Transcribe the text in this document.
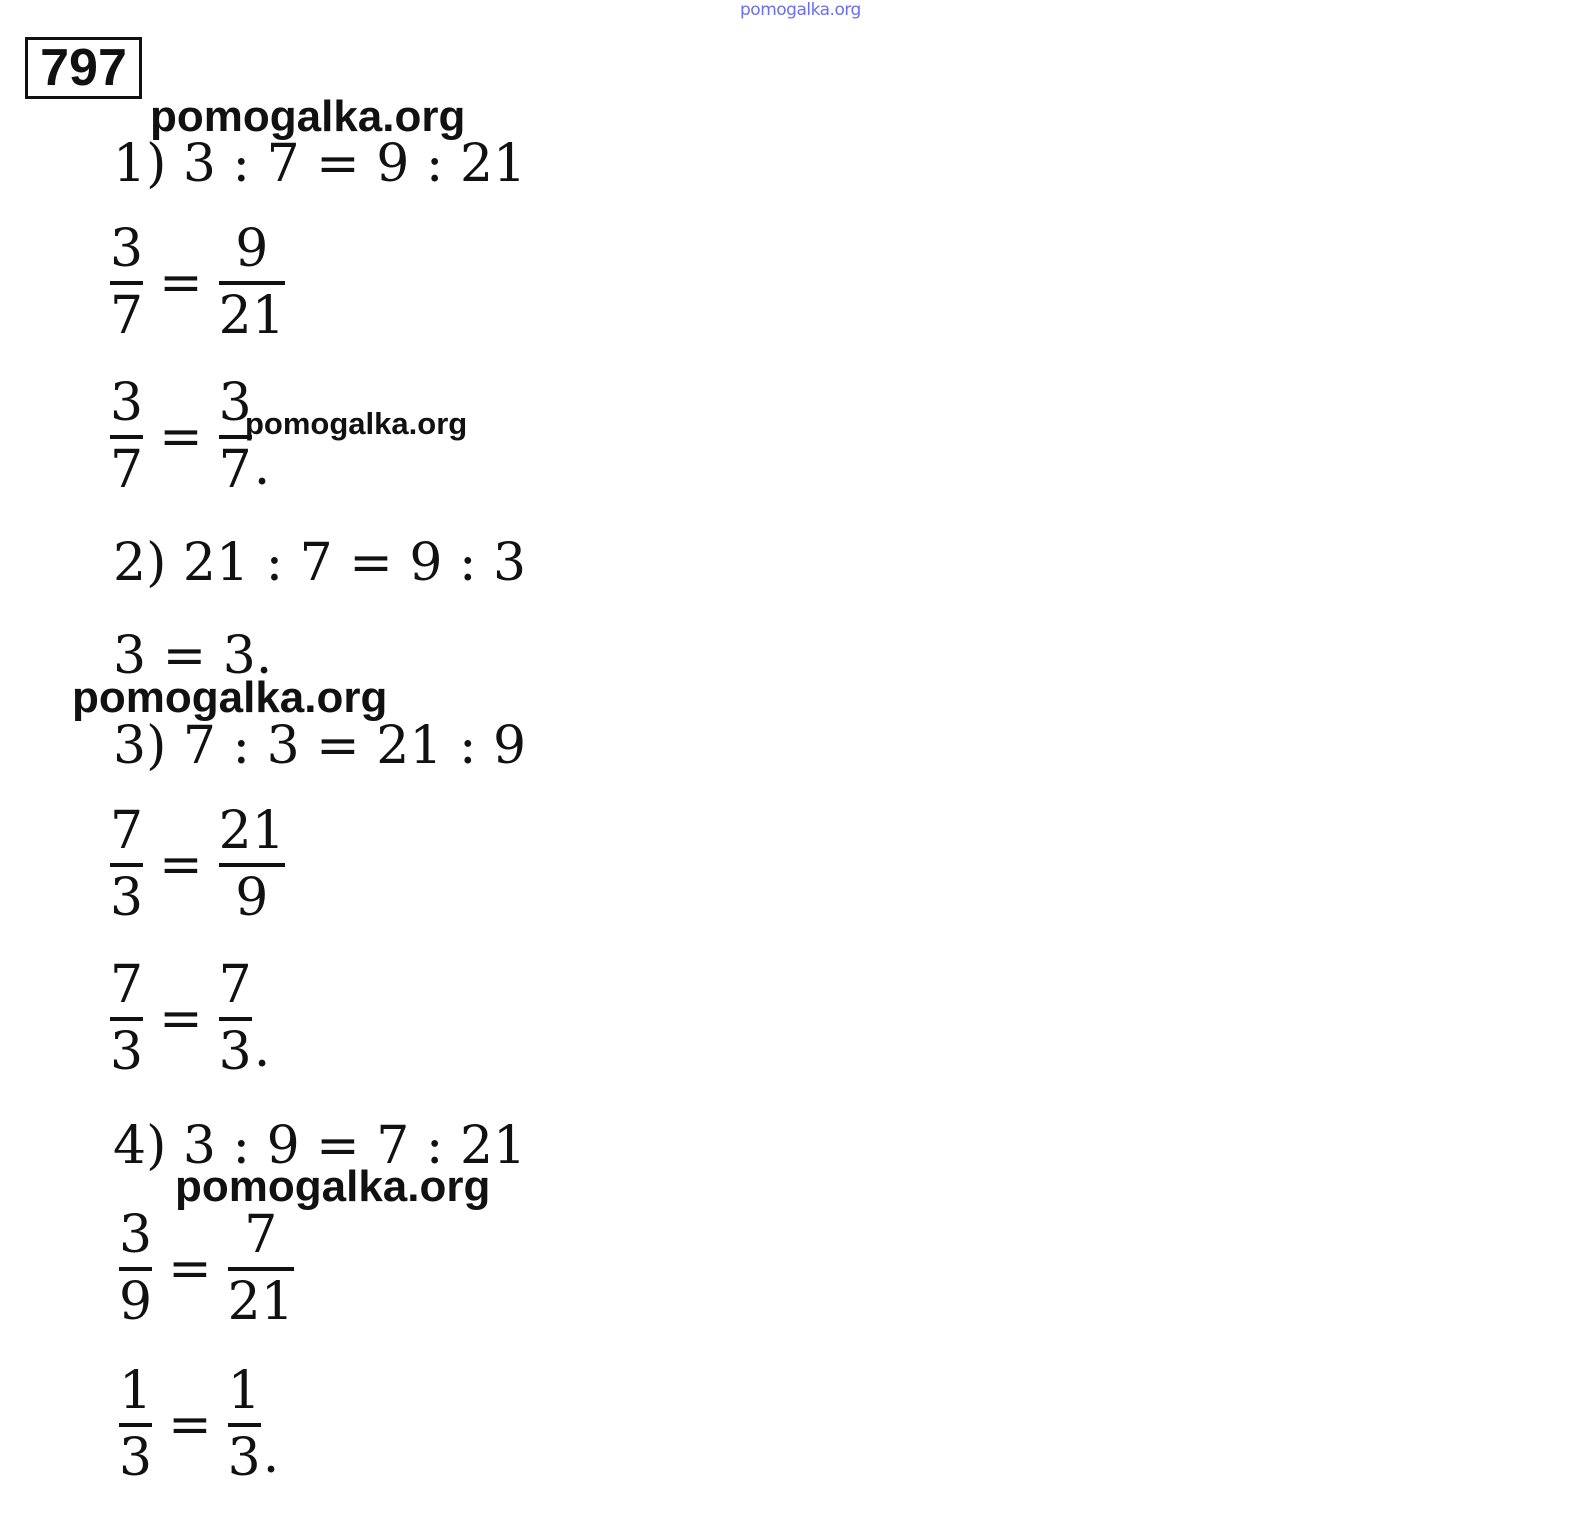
pomogalka.org
797
pomogalka.org
pomogalka.org
pomogalka.org
pomogalka.org
1) 3 : 7 = 9 : 21
$\frac{3}{7} = \frac{9}{21}$
$\frac{3}{7} = \frac{3}{7}$ .
2) 21 : 7 = 9 : 3
3 = 3.
3) 7 : 3 = 21 : 9
$\frac{7}{3} = \frac{21}{9}$
$\frac{7}{3} = \frac{7}{3}$ .
4) 3 : 9 = 7 : 21
$\frac{3}{9} = \frac{7}{21}$
$\frac{1}{3} = \frac{1}{3}$ .
